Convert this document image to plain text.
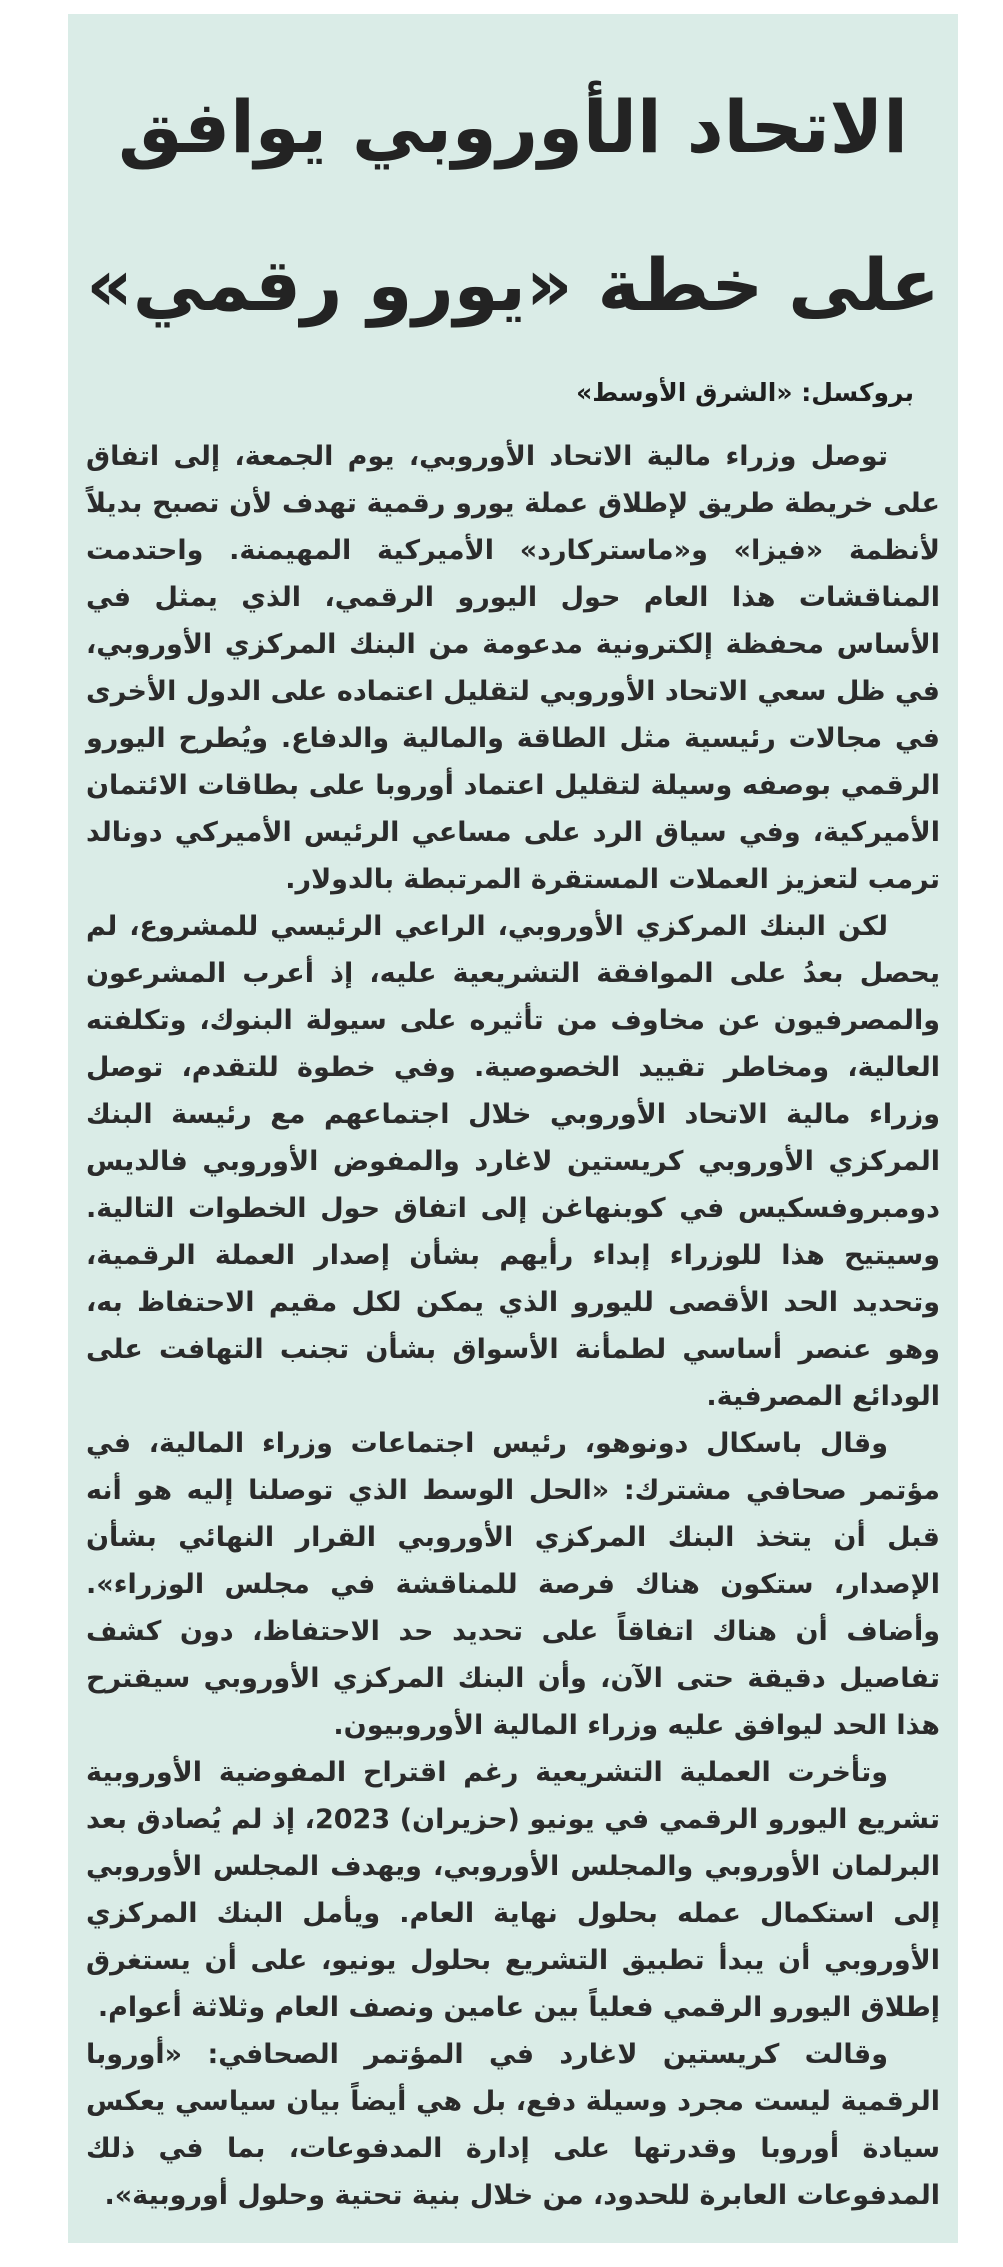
الاتحاد الأوروبي يوافق
على خطة «يورو رقمي»
بروكسل: «الشرق الأوسط»

توصل وزراء مالية الاتحاد الأوروبي، يوم الجمعة، إلى اتفاق على خريطة طريق لإطلاق عملة يورو رقمية تهدف لأن تصبح بديلاً لأنظمة «فيزا» و«ماستركارد» الأميركية المهيمنة. واحتدمت المناقشات هذا العام حول اليورو الرقمي، الذي يمثل في الأساس محفظة إلكترونية مدعومة من البنك المركزي الأوروبي، في ظل سعي الاتحاد الأوروبي لتقليل اعتماده على الدول الأخرى في مجالات رئيسية مثل الطاقة والمالية والدفاع. ويُطرح اليورو الرقمي بوصفه وسيلة لتقليل اعتماد أوروبا على بطاقات الائتمان الأميركية، وفي سياق الرد على مساعي الرئيس الأميركي دونالد ترمب لتعزيز العملات المستقرة المرتبطة بالدولار.

لكن البنك المركزي الأوروبي، الراعي الرئيسي للمشروع، لم يحصل بعدُ على الموافقة التشريعية عليه، إذ أعرب المشرعون والمصرفيون عن مخاوف من تأثيره على سيولة البنوك، وتكلفته العالية، ومخاطر تقييد الخصوصية. وفي خطوة للتقدم، توصل وزراء مالية الاتحاد الأوروبي خلال اجتماعهم مع رئيسة البنك المركزي الأوروبي كريستين لاغارد والمفوض الأوروبي فالديس دومبروفسكيس في كوبنهاغن إلى اتفاق حول الخطوات التالية. وسيتيح هذا للوزراء إبداء رأيهم بشأن إصدار العملة الرقمية، وتحديد الحد الأقصى لليورو الذي يمكن لكل مقيم الاحتفاظ به، وهو عنصر أساسي لطمأنة الأسواق بشأن تجنب التهافت على الودائع المصرفية.

وقال باسكال دونوهو، رئيس اجتماعات وزراء المالية، في مؤتمر صحافي مشترك: «الحل الوسط الذي توصلنا إليه هو أنه قبل أن يتخذ البنك المركزي الأوروبي القرار النهائي بشأن الإصدار، ستكون هناك فرصة للمناقشة في مجلس الوزراء». وأضاف أن هناك اتفاقاً على تحديد حد الاحتفاظ، دون كشف تفاصيل دقيقة حتى الآن، وأن البنك المركزي الأوروبي سيقترح هذا الحد ليوافق عليه وزراء المالية الأوروبيون.

وتأخرت العملية التشريعية رغم اقتراح المفوضية الأوروبية تشريع اليورو الرقمي في يونيو (حزيران) 2023، إذ لم يُصادق بعد البرلمان الأوروبي والمجلس الأوروبي، ويهدف المجلس الأوروبي إلى استكمال عمله بحلول نهاية العام. ويأمل البنك المركزي الأوروبي أن يبدأ تطبيق التشريع بحلول يونيو، على أن يستغرق إطلاق اليورو الرقمي فعلياً بين عامين ونصف العام وثلاثة أعوام.

وقالت كريستين لاغارد في المؤتمر الصحافي: «أوروبا الرقمية ليست مجرد وسيلة دفع، بل هي أيضاً بيان سياسي يعكس سيادة أوروبا وقدرتها على إدارة المدفوعات، بما في ذلك المدفوعات العابرة للحدود، من خلال بنية تحتية وحلول أوروبية».
